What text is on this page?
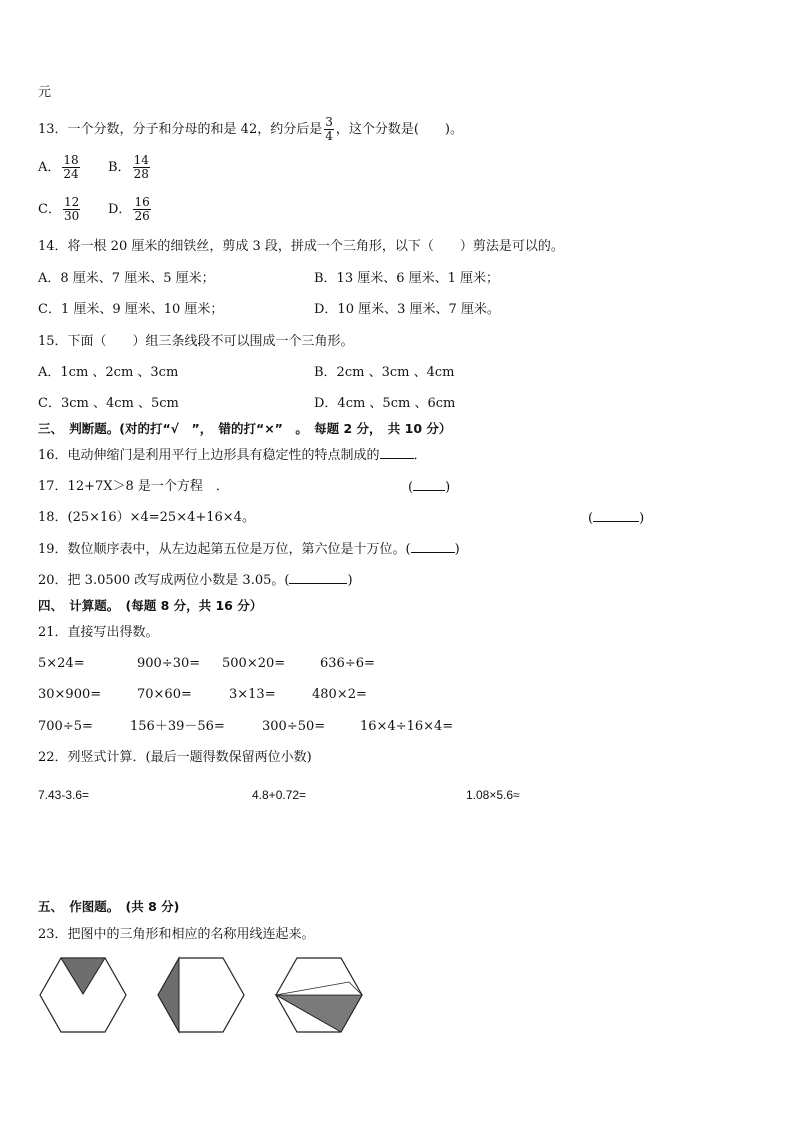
元
13．一个分数，分子和分母的和是 42，约分后是 $\frac{3}{4}$ ，这个分数是(　　)。
A． $\frac{18}{24}$ B． $\frac{14}{28}$
C． $\frac{12}{30}$ D． $\frac{16}{26}$
14．将一根 20 厘米的细铁丝，剪成 3 段，拼成一个三角形，以下（　　）剪法是可以的。
A．8 厘米、7 厘米、5 厘米；	B．13 厘米、6 厘米、1 厘米；
C．1 厘米、9 厘米、10 厘米；	D．10 厘米、3 厘米、7 厘米。
15．下面（　　）组三条线段不可以围成一个三角形。
A．1cm 、2cm 、3cm	B．2cm 、3cm 、4cm
C．3cm 、4cm 、5cm	D．4cm 、5cm 、6cm
三、　判断题。(对的打“√　”，　错的打“×”　。　每题 2 分，　共 10 分）
16．电动伸缩门是利用平行上边形具有稳定性的特点制成的	．
17．12+7X＞8 是一个方程　．	( )
18．(25×16）×4=25×4+16×4。	(	)
19．数位顺序表中，从左边起第五位是万位，第六位是十万位。(	)
20．把 3.0500 改写成两位小数是 3.05。(	)
四、　计算题。　(每题 8 分，共 16 分）
21．直接写出得数。
5×24=	900÷30= 500×20=	636÷6=
30×900=	70×60=	3×13=	480×2=
700÷5=	156＋39－56=	300÷50=	16×4÷16×4=
22．列竖式计算．(最后一题得数保留两位小数)
7.43-3.6=	4.8+0.72=	1.08×5.6≈
五、　作图题。　(共 8 分)
23．把图中的三角形和相应的名称用线连起来。
